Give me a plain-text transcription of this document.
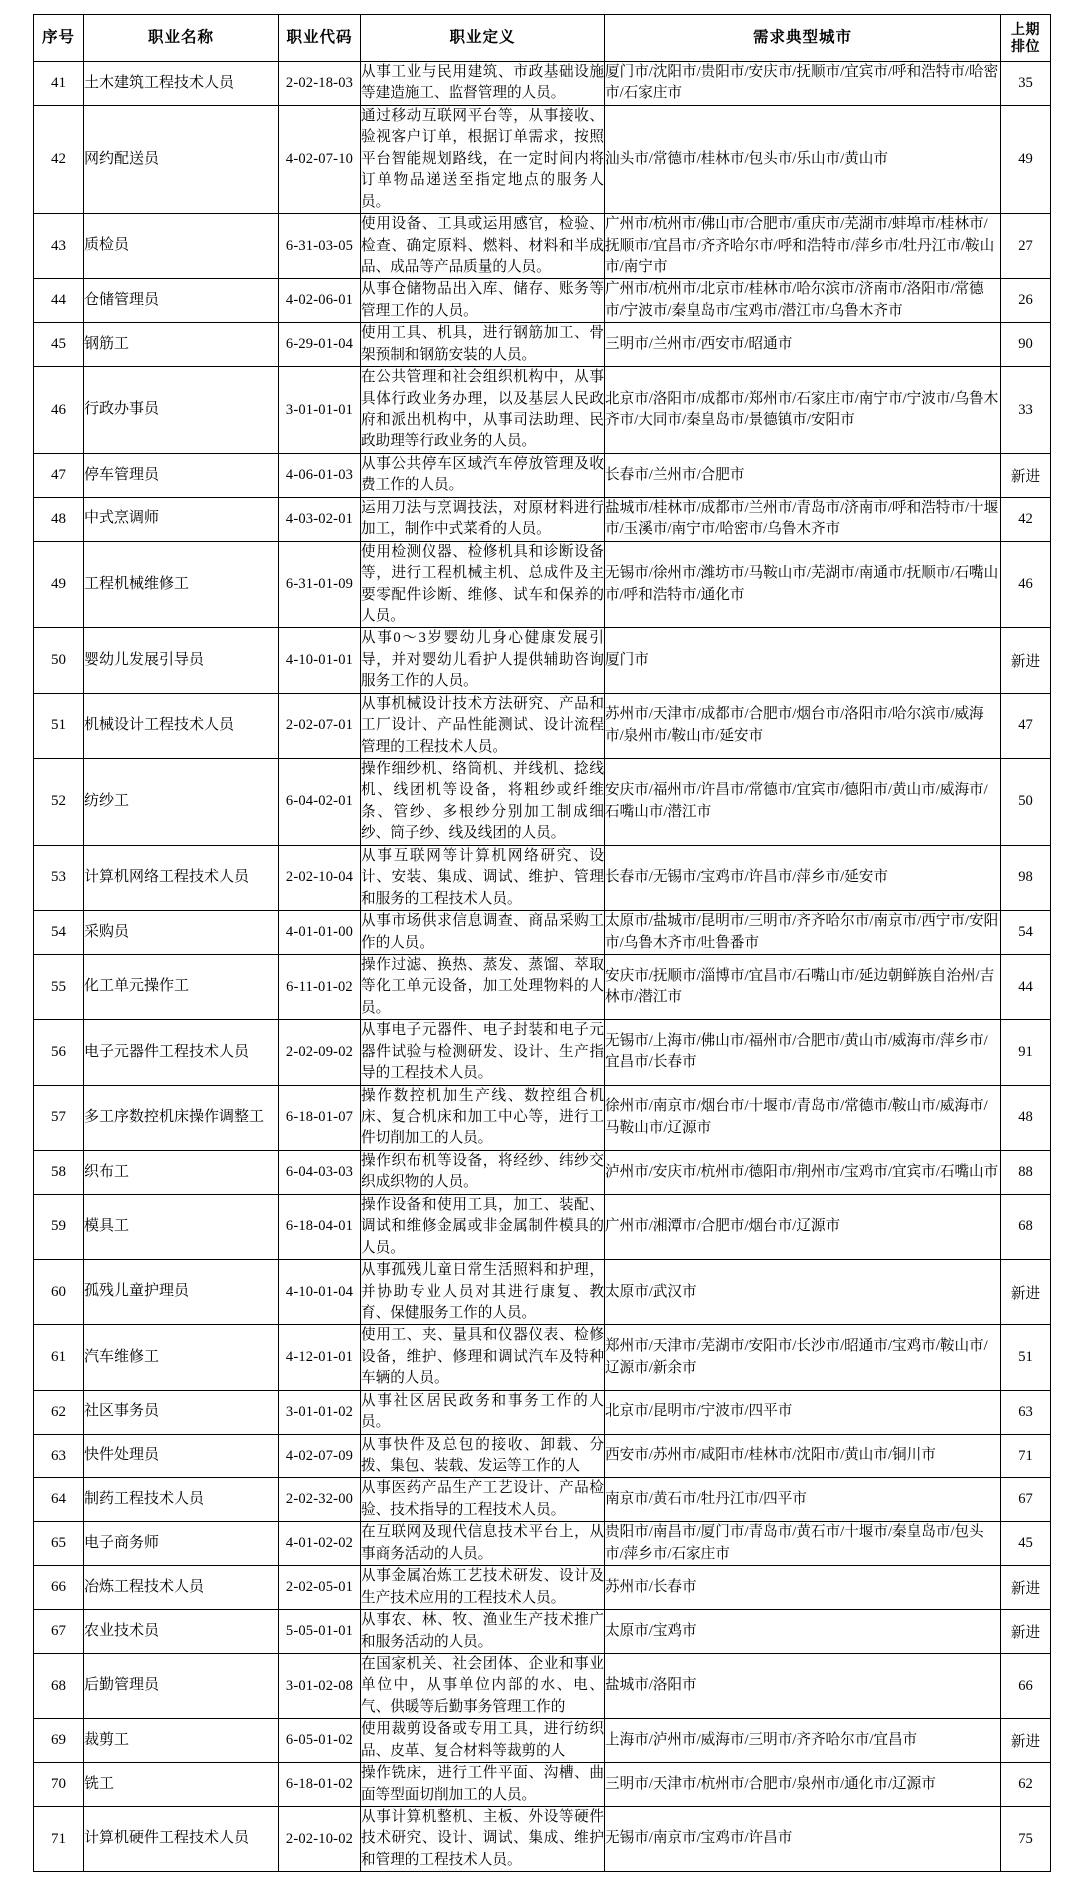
序号	职业名称	职业代码	职业定义	需求典型城市	上期
排位
41	土木建筑工程技术人员	2-02-18-03	从事工业与民用建筑、市政基础设施等建造施工、监督管理的人员。	厦门市/沈阳市/贵阳市/安庆市/抚顺市/宜宾市/呼和浩特市/哈密市/石家庄市	35
42	网约配送员	4-02-07-10	通过移动互联网平台等，从事接收、验视客户订单，根据订单需求，按照平台智能规划路线，在一定时间内将订单物品递送至指定地点的服务人员。	汕头市/常德市/桂林市/包头市/乐山市/黄山市	49
43	质检员	6-31-03-05	使用设备、工具或运用感官，检验、检查、确定原料、燃料、材料和半成品、成品等产品质量的人员。	广州市/杭州市/佛山市/合肥市/重庆市/芜湖市/蚌埠市/桂林市/抚顺市/宜昌市/齐齐哈尔市/呼和浩特市/萍乡市/牡丹江市/鞍山市/南宁市	27
44	仓储管理员	4-02-06-01	从事仓储物品出入库、储存、账务等管理工作的人员。	广州市/杭州市/北京市/桂林市/哈尔滨市/济南市/洛阳市/常德市/宁波市/秦皇岛市/宝鸡市/潜江市/乌鲁木齐市	26
45	钢筋工	6-29-01-04	使用工具、机具，进行钢筋加工、骨架预制和钢筋安装的人员。	三明市/兰州市/西安市/昭通市	90
46	行政办事员	3-01-01-01	在公共管理和社会组织机构中，从事具体行政业务办理，以及基层人民政府和派出机构中，从事司法助理、民政助理等行政业务的人员。	北京市/洛阳市/成都市/郑州市/石家庄市/南宁市/宁波市/乌鲁木齐市/大同市/秦皇岛市/景德镇市/安阳市	33
47	停车管理员	4-06-01-03	从事公共停车区域汽车停放管理及收费工作的人员。	长春市/兰州市/合肥市	新进
48	中式烹调师	4-03-02-01	运用刀法与烹调技法，对原材料进行加工，制作中式菜肴的人员。	盐城市/桂林市/成都市/兰州市/青岛市/济南市/呼和浩特市/十堰市/玉溪市/南宁市/哈密市/乌鲁木齐市	42
49	工程机械维修工	6-31-01-09	使用检测仪器、检修机具和诊断设备等，进行工程机械主机、总成件及主要零配件诊断、维修、试车和保养的人员。	无锡市/徐州市/潍坊市/马鞍山市/芜湖市/南通市/抚顺市/石嘴山市/呼和浩特市/通化市	46
50	婴幼儿发展引导员	4-10-01-01	从事0～3岁婴幼儿身心健康发展引导，并对婴幼儿看护人提供辅助咨询服务工作的人员。	厦门市	新进
51	机械设计工程技术人员	2-02-07-01	从事机械设计技术方法研究、产品和工厂设计、产品性能测试、设计流程管理的工程技术人员。	苏州市/天津市/成都市/合肥市/烟台市/洛阳市/哈尔滨市/威海市/泉州市/鞍山市/延安市	47
52	纺纱工	6-04-02-01	操作细纱机、络筒机、并线机、捻线机、线团机等设备，将粗纱或纤维条、管纱、多根纱分别加工制成细纱、筒子纱、线及线团的人员。	安庆市/福州市/许昌市/常德市/宜宾市/德阳市/黄山市/威海市/石嘴山市/潜江市	50
53	计算机网络工程技术人员	2-02-10-04	从事互联网等计算机网络研究、设计、安装、集成、调试、维护、管理和服务的工程技术人员。	长春市/无锡市/宝鸡市/许昌市/萍乡市/延安市	98
54	采购员	4-01-01-00	从事市场供求信息调查、商品采购工作的人员。	太原市/盐城市/昆明市/三明市/齐齐哈尔市/南京市/西宁市/安阳市/乌鲁木齐市/吐鲁番市	54
55	化工单元操作工	6-11-01-02	操作过滤、换热、蒸发、蒸馏、萃取等化工单元设备，加工处理物料的人员。	安庆市/抚顺市/淄博市/宜昌市/石嘴山市/延边朝鲜族自治州/吉林市/潜江市	44
56	电子元器件工程技术人员	2-02-09-02	从事电子元器件、电子封装和电子元器件试验与检测研发、设计、生产指导的工程技术人员。	无锡市/上海市/佛山市/福州市/合肥市/黄山市/威海市/萍乡市/宜昌市/长春市	91
57	多工序数控机床操作调整工	6-18-01-07	操作数控机加生产线、数控组合机床、复合机床和加工中心等，进行工件切削加工的人员。	徐州市/南京市/烟台市/十堰市/青岛市/常德市/鞍山市/威海市/马鞍山市/辽源市	48
58	织布工	6-04-03-03	操作织布机等设备，将经纱、纬纱交织成织物的人员。	泸州市/安庆市/杭州市/德阳市/荆州市/宝鸡市/宜宾市/石嘴山市	88
59	模具工	6-18-04-01	操作设备和使用工具，加工、装配、调试和维修金属或非金属制件模具的人员。	广州市/湘潭市/合肥市/烟台市/辽源市	68
60	孤残儿童护理员	4-10-01-04	从事孤残儿童日常生活照料和护理，并协助专业人员对其进行康复、教育、保健服务工作的人员。	太原市/武汉市	新进
61	汽车维修工	4-12-01-01	使用工、夹、量具和仪器仪表、检修设备，维护、修理和调试汽车及特种车辆的人员。	郑州市/天津市/芜湖市/安阳市/长沙市/昭通市/宝鸡市/鞍山市/辽源市/新余市	51
62	社区事务员	3-01-01-02	从事社区居民政务和事务工作的人员。	北京市/昆明市/宁波市/四平市	63
63	快件处理员	4-02-07-09	从事快件及总包的接收、卸载、分拨、集包、装载、发运等工作的人	西安市/苏州市/咸阳市/桂林市/沈阳市/黄山市/铜川市	71
64	制药工程技术人员	2-02-32-00	从事医药产品生产工艺设计、产品检验、技术指导的工程技术人员。	南京市/黄石市/牡丹江市/四平市	67
65	电子商务师	4-01-02-02	在互联网及现代信息技术平台上，从事商务活动的人员。	贵阳市/南昌市/厦门市/青岛市/黄石市/十堰市/秦皇岛市/包头市/萍乡市/石家庄市	45
66	冶炼工程技术人员	2-02-05-01	从事金属冶炼工艺技术研发、设计及生产技术应用的工程技术人员。	苏州市/长春市	新进
67	农业技术员	5-05-01-01	从事农、林、牧、渔业生产技术推广和服务活动的人员。	太原市/宝鸡市	新进
68	后勤管理员	3-01-02-08	在国家机关、社会团体、企业和事业单位中，从事单位内部的水、电、气、供暖等后勤事务管理工作的	盐城市/洛阳市	66
69	裁剪工	6-05-01-02	使用裁剪设备或专用工具，进行纺织品、皮革、复合材料等裁剪的人	上海市/泸州市/威海市/三明市/齐齐哈尔市/宜昌市	新进
70	铣工	6-18-01-02	操作铣床，进行工件平面、沟槽、曲面等型面切削加工的人员。	三明市/天津市/杭州市/合肥市/泉州市/通化市/辽源市	62
71	计算机硬件工程技术人员	2-02-10-02	从事计算机整机、主板、外设等硬件技术研究、设计、调试、集成、维护和管理的工程技术人员。	无锡市/南京市/宝鸡市/许昌市	75
